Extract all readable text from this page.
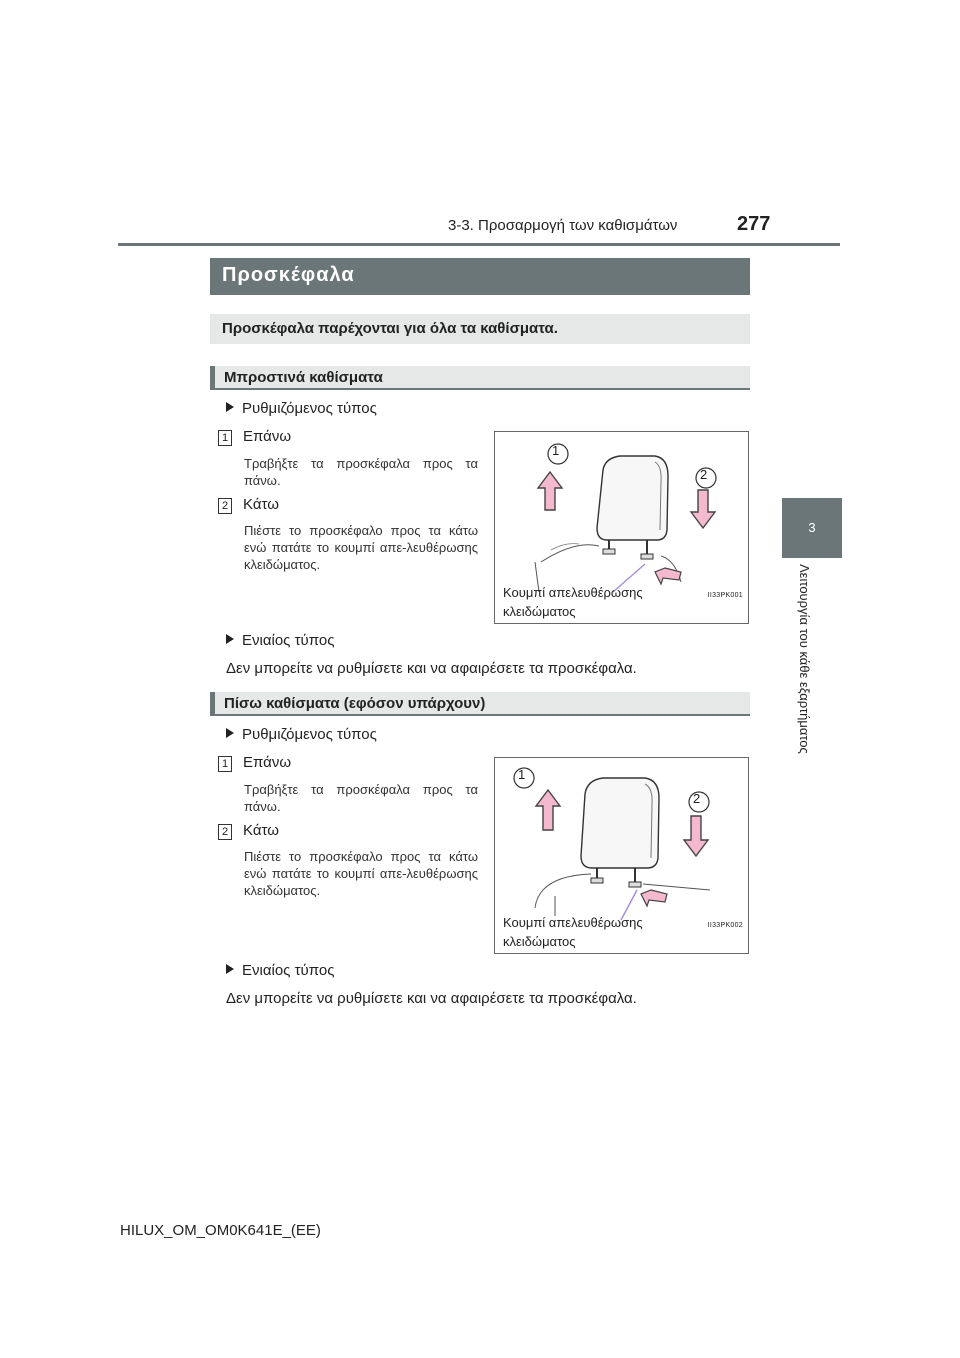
3-3. Προσαρμογή των καθισμάτων	277
3
Λειτουργία του κάθε εξαρτήματος
Προσκέφαλα
Προσκέφαλα παρέχονται για όλα τα καθίσματα.
Μπροστινά καθίσματα
Ρυθμιζόμενος τύπος
1 Επάνω
Τραβήξτε τα προσκέφαλα προς τα πάνω.
2 Κάτω
Πιέστε το προσκέφαλο προς τα κάτω ενώ πατάτε το κουμπί απε-λευθέρωσης κλειδώματος.
1
2
Κουμπί απελευθέρωσης
κλειδώματος
II33PK001
Ενιαίος τύπος
Δεν μπορείτε να ρυθμίσετε και να αφαιρέσετε τα προσκέφαλα.
Πίσω καθίσματα (εφόσον υπάρχουν)
Ρυθμιζόμενος τύπος
1 Επάνω
Τραβήξτε τα προσκέφαλα προς τα πάνω.
2 Κάτω
Πιέστε το προσκέφαλο προς τα κάτω ενώ πατάτε το κουμπί απε-λευθέρωσης κλειδώματος.
1
2
Κουμπί απελευθέρωσης
κλειδώματος
II33PK002
Ενιαίος τύπος
Δεν μπορείτε να ρυθμίσετε και να αφαιρέσετε τα προσκέφαλα.
HILUX_OM_OM0K641E_(EE)
